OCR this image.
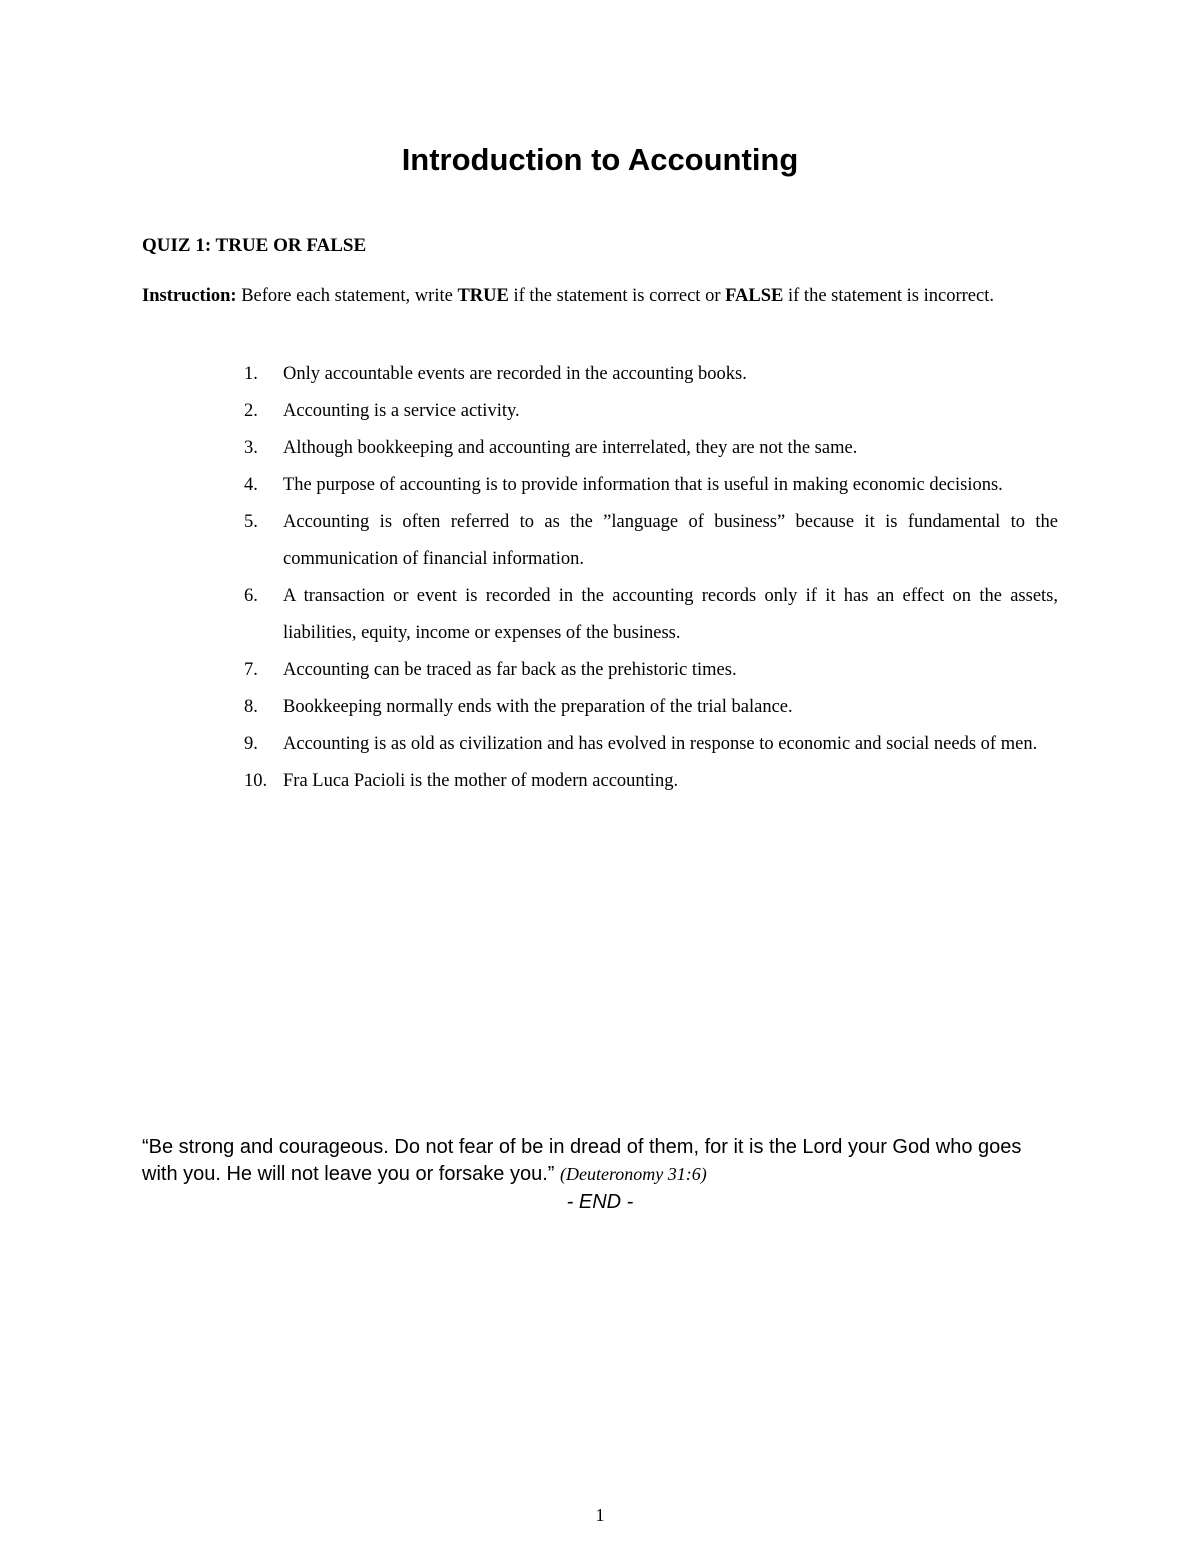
Introduction to Accounting
QUIZ 1: TRUE OR FALSE
Instruction: Before each statement, write TRUE if the statement is correct or FALSE if the statement is incorrect.
1.	Only accountable events are recorded in the accounting books.
2.	Accounting is a service activity.
3.	Although bookkeeping and accounting are interrelated, they are not the same.
4.	The purpose of accounting is to provide information that is useful in making economic decisions.
5.	Accounting is often referred to as the ”language of business” because it is fundamental to the communication of financial information.
6.	A transaction or event is recorded in the accounting records only if it has an effect on the assets, liabilities, equity, income or expenses of the business.
7.	Accounting can be traced as far back as the prehistoric times.
8.	Bookkeeping normally ends with the preparation of the trial balance.
9.	Accounting is as old as civilization and has evolved in response to economic and social needs of men.
10. Fra Luca Pacioli is the mother of modern accounting.
“Be strong and courageous. Do not fear of be in dread of them, for it is the Lord your God who goes with you. He will not leave you or forsake you.” (Deuteronomy 31:6)
- END -
1
